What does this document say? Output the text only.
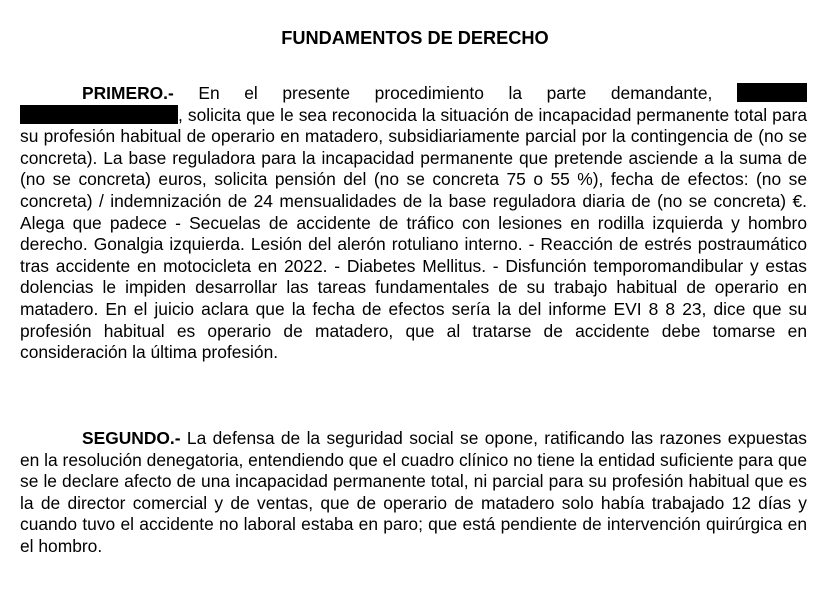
FUNDAMENTOS DE DERECHO

PRIMERO.- En el presente procedimiento la parte demandante,  , solicita que le sea reconocida la situación de incapacidad permanente total para su profesión habitual de operario en matadero, subsidiariamente parcial por la contingencia de (no se concreta). La base reguladora para la incapacidad permanente que pretende asciende a la suma de (no se concreta) euros, solicita pensión del (no se concreta 75 o 55 %), fecha de efectos: (no se concreta) / indemnización de 24 mensualidades de la base reguladora diaria de (no se concreta) €. Alega que padece - Secuelas de accidente de tráfico con lesiones en rodilla izquierda y hombro derecho. Gonalgia izquierda. Lesión del alerón rotuliano interno. - Reacción de estrés postraumático tras accidente en motocicleta en 2022. - Diabetes Mellitus. - Disfunción temporomandibular y estas dolencias le impiden desarrollar las tareas fundamentales de su trabajo habitual de operario en matadero. En el juicio aclara que la fecha de efectos sería la del informe EVI 8 8 23, dice que su profesión habitual es operario de matadero, que al tratarse de accidente debe tomarse en consideración la última profesión.

SEGUNDO.- La defensa de la seguridad social se opone, ratificando las razones expuestas en la resolución denegatoria, entendiendo que el cuadro clínico no tiene la entidad suficiente para que se le declare afecto de una incapacidad permanente total, ni parcial para su profesión habitual que es la de director comercial y de ventas, que de operario de matadero solo había trabajado 12 días y cuando tuvo el accidente no laboral estaba en paro; que está pendiente de intervención quirúrgica en el hombro.
